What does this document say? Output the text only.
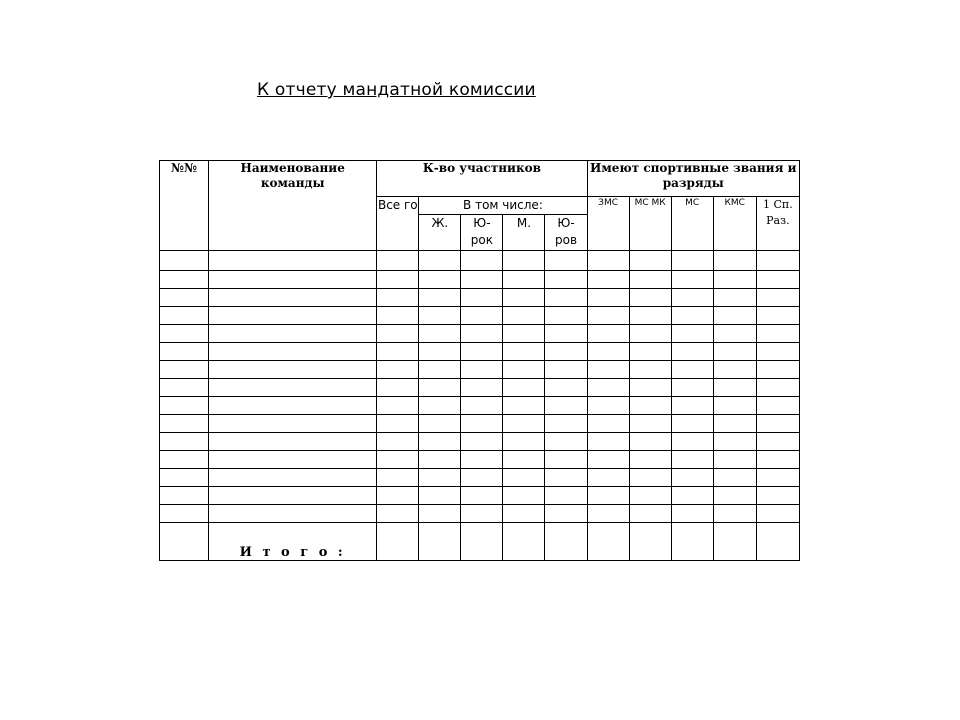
К отчету мандатной комиссии
№№	Наименование команды	К-во участников					Имеют спортивные звания и разряды				
		Все го	В том числе:				ЗМС	МС МК	МС	КМС	1 Сп. Раз.
			Ж.	Ю- рок	М.	Ю- ров					

	И т о г о :										
